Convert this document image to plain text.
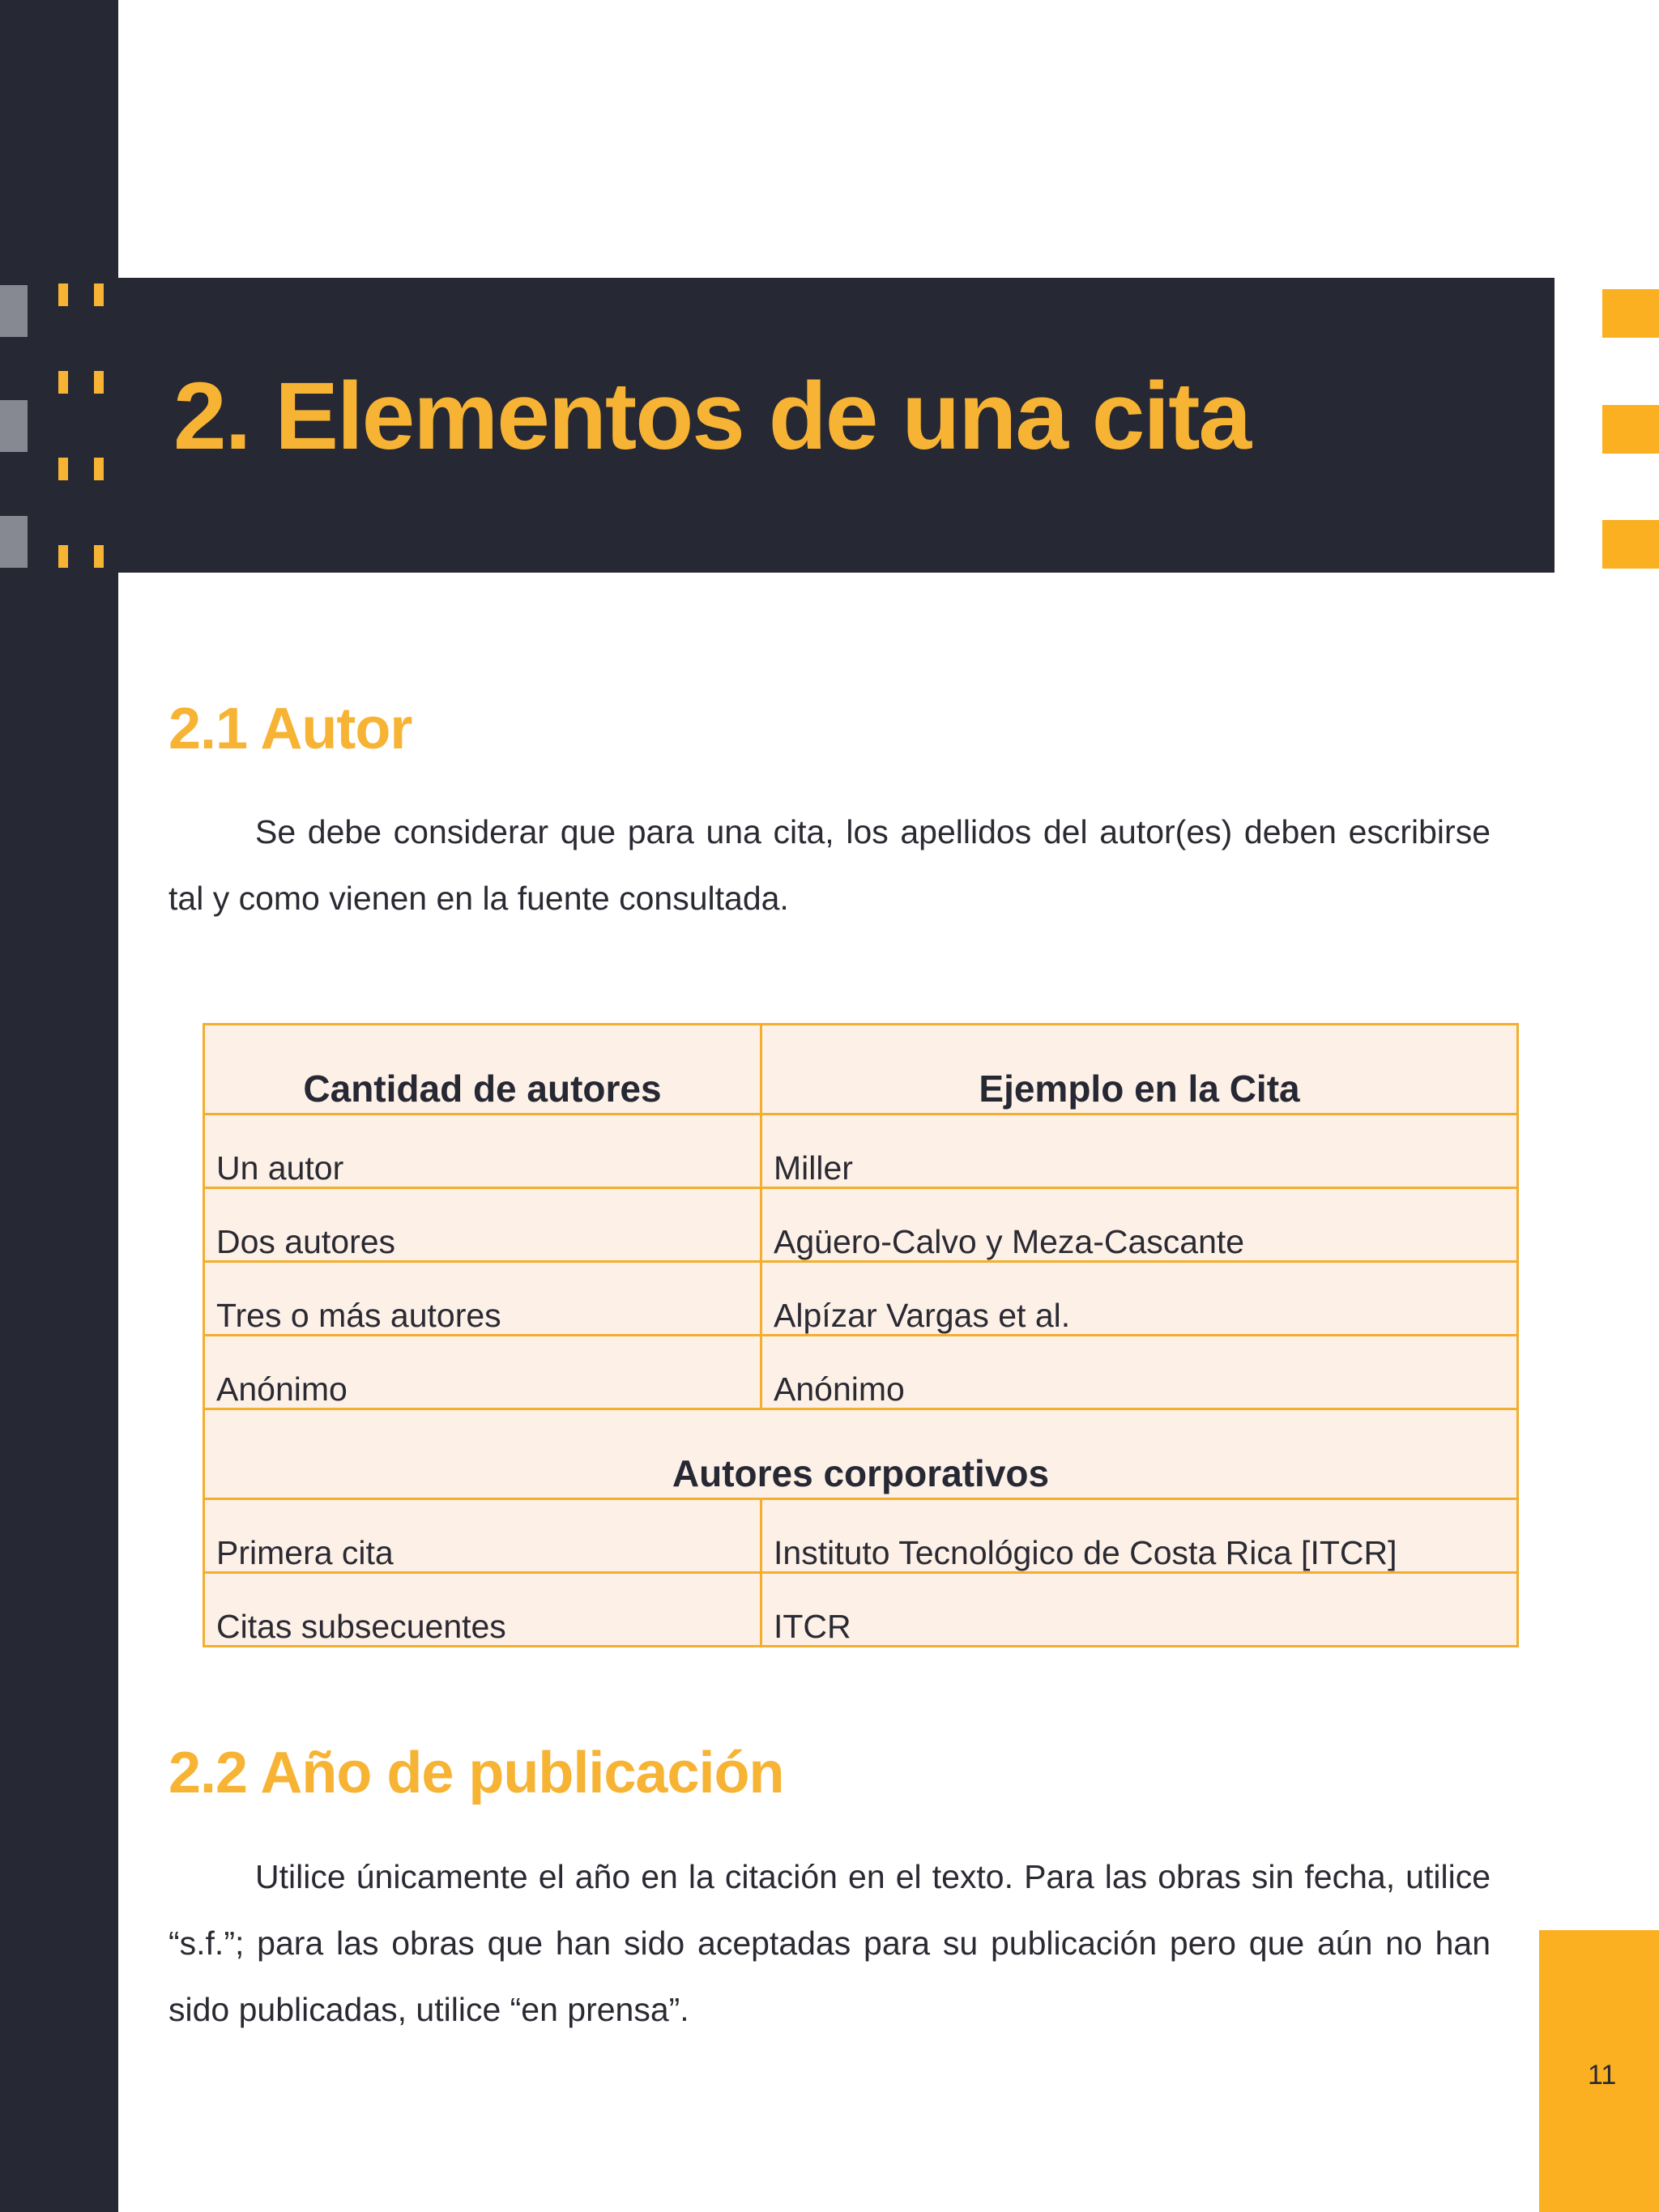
2. Elementos de una cita
2.1 Autor

Se debe considerar que para una cita, los apellidos del autor(es) deben escribirse tal y como vienen en la fuente consultada.

Cantidad de autores	Ejemplo en la Cita
Un autor	Miller
Dos autores	Agüero-Calvo y Meza-Cascante
Tres o más autores	Alpízar Vargas et al.
Anónimo	Anónimo
Autores corporativos	
Primera cita	Instituto Tecnológico de Costa Rica [ITCR]
Citas subsecuentes	ITCR
2.2 Año de publicación

Utilice únicamente el año en la citación en el texto. Para las obras sin fecha, utilice “s.f.”; para las obras que han sido aceptadas para su publicación pero que aún no han sido publicadas, utilice “en prensa”.

11
